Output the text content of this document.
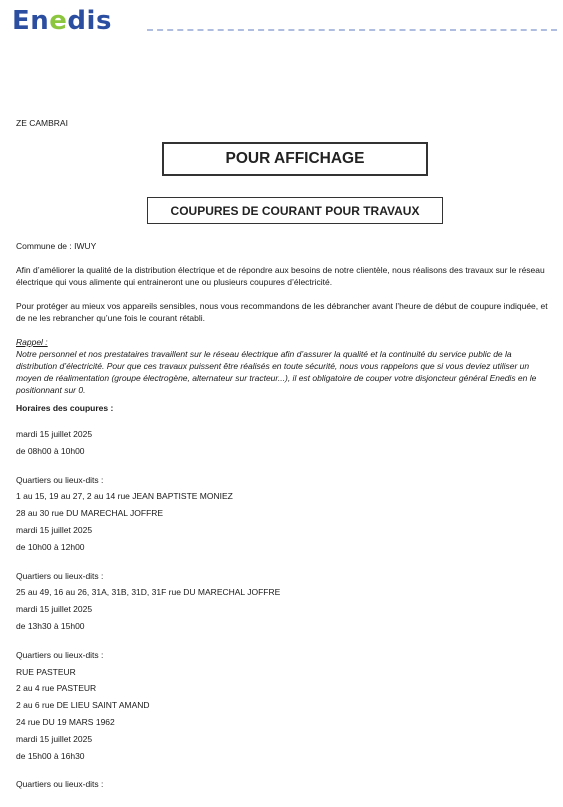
Enedis
ZE CAMBRAI
POUR AFFICHAGE
COUPURES DE COURANT POUR TRAVAUX

Commune de : IWUY

Afin d’améliorer la qualité de la distribution électrique et de répondre aux besoins de notre clientèle, nous réalisons des travaux sur le réseau électrique qui vous alimente qui entraineront une ou plusieurs coupures d’électricité.

Pour protéger au mieux vos appareils sensibles, nous vous recommandons de les débrancher avant l’heure de début de coupure indiquée, et de ne les rebrancher qu’une fois le courant rétabli.

Rappel :

Notre personnel et nos prestataires travaillent sur le réseau électrique afin d’assurer la qualité et la continuité du service public de la distribution d’électricité. Pour que ces travaux puissent être réalisés en toute sécurité, nous vous rappelons que si vous deviez utiliser un moyen de réalimentation (groupe électrogène, alternateur sur tracteur...), il est obligatoire de couper votre disjoncteur général Enedis en le positionnant sur 0.

Horaires des coupures :

mardi 15 juillet 2025
de 08h00 à 10h00
Quartiers ou lieux-dits :
1 au 15, 19 au 27, 2 au 14 rue JEAN BAPTISTE MONIEZ
28 au 30 rue DU MARECHAL JOFFRE
mardi 15 juillet 2025
de 10h00 à 12h00
Quartiers ou lieux-dits :
25 au 49, 16 au 26, 31A, 31B, 31D, 31F rue DU MARECHAL JOFFRE
mardi 15 juillet 2025
de 13h30 à 15h00
Quartiers ou lieux-dits :
RUE PASTEUR
2 au 4 rue PASTEUR
2 au 6 rue DE LIEU SAINT AMAND
24 rue DU 19 MARS 1962
mardi 15 juillet 2025
de 15h00 à 16h30
Quartiers ou lieux-dits :
